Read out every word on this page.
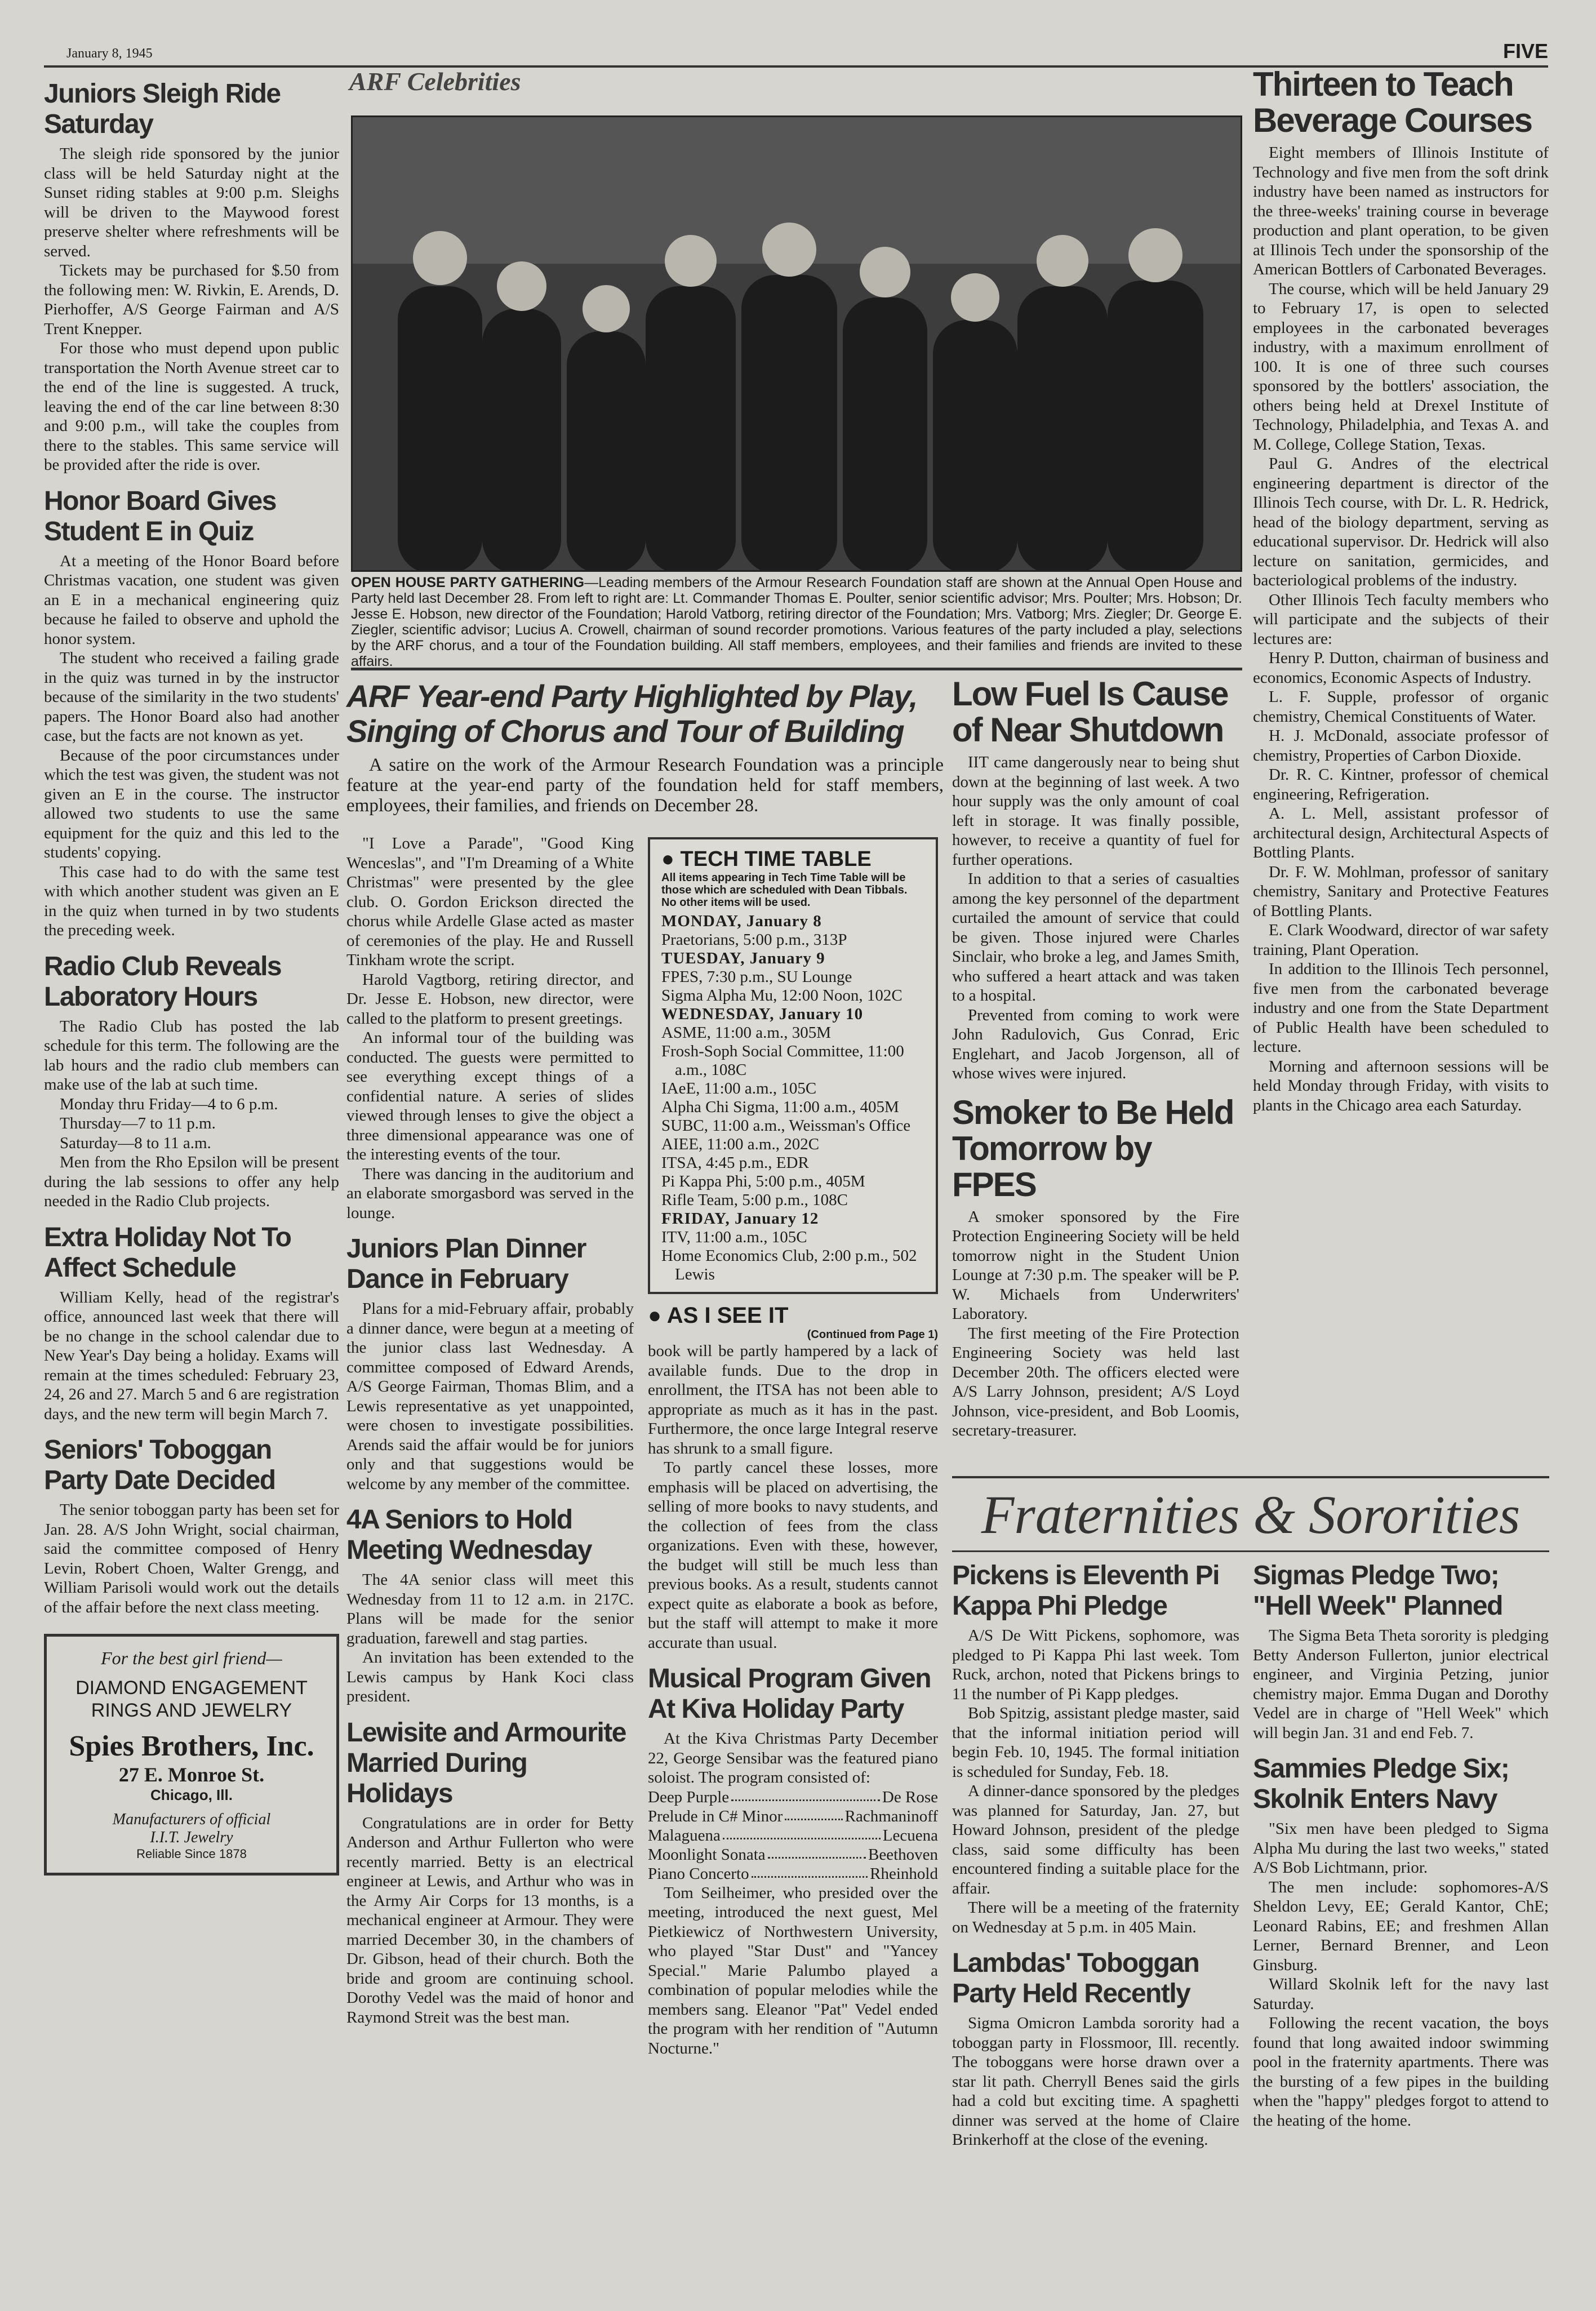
January 8, 1945	FIVE
Juniors Sleigh Ride Saturday

The sleigh ride sponsored by the junior class will be held Saturday night at the Sunset riding stables at 9:00 p.m. Sleighs will be driven to the Maywood forest preserve shelter where refreshments will be served.

Tickets may be purchased for $.50 from the following men: W. Rivkin, E. Arends, D. Pierhoffer, A/S George Fairman and A/S Trent Knepper.

For those who must depend upon public transportation the North Avenue street car to the end of the line is suggested. A truck, leaving the end of the car line between 8:30 and 9:00 p.m., will take the couples from there to the stables. This same service will be provided after the ride is over.

Honor Board Gives Student E in Quiz

At a meeting of the Honor Board before Christmas vacation, one student was given an E in a mechanical engineering quiz because he failed to observe and uphold the honor system.

The student who received a failing grade in the quiz was turned in by the instructor because of the similarity in the two students' papers. The Honor Board also had another case, but the facts are not known as yet.

Because of the poor circumstances under which the test was given, the student was not given an E in the course. The instructor allowed two students to use the same equipment for the quiz and this led to the students' copying.

This case had to do with the same test with which another student was given an E in the quiz when turned in by two students the preceding week.

Radio Club Reveals Laboratory Hours

The Radio Club has posted the lab schedule for this term. The following are the lab hours and the radio club members can make use of the lab at such time.

Monday thru Friday—4 to 6 p.m.

Thursday—7 to 11 p.m.

Saturday—8 to 11 a.m.

Men from the Rho Epsilon will be present during the lab sessions to offer any help needed in the Radio Club projects.

Extra Holiday Not To Affect Schedule

William Kelly, head of the registrar's office, announced last week that there will be no change in the school calendar due to New Year's Day being a holiday. Exams will remain at the times scheduled: February 23, 24, 26 and 27. March 5 and 6 are registration days, and the new term will begin March 7.

Seniors' Toboggan Party Date Decided

The senior toboggan party has been set for Jan. 28. A/S John Wright, social chairman, said the committee composed of Henry Levin, Robert Choen, Walter Grengg, and William Parisoli would work out the details of the affair before the next class meeting.

For the best girl friend—
DIAMOND ENGAGEMENT
RINGS AND JEWELRY
Spies Brothers, Inc.
27 E. Monroe St.
Chicago, Ill.
Manufacturers of official
I.I.T. Jewelry
Reliable Since 1878
ARF Celebrities
OPEN HOUSE PARTY GATHERING—Leading members of the Armour Research Foundation staff are shown at the Annual Open House and Party held last December 28. From left to right are: Lt. Commander Thomas E. Poulter, senior scientific advisor; Mrs. Poulter; Mrs. Hobson; Dr. Jesse E. Hobson, new director of the Foundation; Harold Vatborg, retiring director of the Foundation; Mrs. Vatborg; Mrs. Ziegler; Dr. George E. Ziegler, scientific advisor; Lucius A. Crowell, chairman of sound recorder promotions. Various features of the party included a play, selections by the ARF chorus, and a tour of the Foundation building. All staff members, employees, and their families and friends are invited to these affairs.
ARF Year-end Party Highlighted by Play, Singing of Chorus and Tour of Building
A satire on the work of the Armour Research Foundation was a principle feature at the year-end party of the foundation held for staff members, employees, their families, and friends on December 28.

"I Love a Parade", "Good King Wenceslas", and "I'm Dreaming of a White Christmas" were presented by the glee club. O. Gordon Erickson directed the chorus while Ardelle Glase acted as master of ceremonies of the play. He and Russell Tinkham wrote the script.

Harold Vagtborg, retiring director, and Dr. Jesse E. Hobson, new director, were called to the platform to present greetings.

An informal tour of the building was conducted. The guests were permitted to see everything except things of a confidential nature. A series of slides viewed through lenses to give the object a three dimensional appearance was one of the interesting events of the tour.

There was dancing in the auditorium and an elaborate smorgasbord was served in the lounge.

Juniors Plan Dinner Dance in February

Plans for a mid-February affair, probably a dinner dance, were begun at a meeting of the junior class last Wednesday. A committee composed of Edward Arends, A/S George Fairman, Thomas Blim, and a Lewis representative as yet unappointed, were chosen to investigate possibilities. Arends said the affair would be for juniors only and that suggestions would be welcome by any member of the committee.

4A Seniors to Hold Meeting Wednesday

The 4A senior class will meet this Wednesday from 11 to 12 a.m. in 217C. Plans will be made for the senior graduation, farewell and stag parties.

An invitation has been extended to the Lewis campus by Hank Koci class president.

Lewisite and Armourite Married During Holidays

Congratulations are in order for Betty Anderson and Arthur Fullerton who were recently married. Betty is an electrical engineer at Lewis, and Arthur who was in the Army Air Corps for 13 months, is a mechanical engineer at Armour. They were married December 30, in the chambers of Dr. Gibson, head of their church. Both the bride and groom are continuing school. Dorothy Vedel was the maid of honor and Raymond Streit was the best man.

● TECH TIME TABLE
All items appearing in Tech Time Table will be those which are scheduled with Dean Tibbals. No other items will be used.
MONDAY, January 8
Praetorians, 5:00 p.m., 313P
TUESDAY, January 9
FPES, 7:30 p.m., SU Lounge
Sigma Alpha Mu, 12:00 Noon, 102C
WEDNESDAY, January 10
ASME, 11:00 a.m., 305M
Frosh-Soph Social Committee, 11:00 a.m., 108C
IAeE, 11:00 a.m., 105C
Alpha Chi Sigma, 11:00 a.m., 405M
SUBC, 11:00 a.m., Weissman's Office
AIEE, 11:00 a.m., 202C
ITSA, 4:45 p.m., EDR
Pi Kappa Phi, 5:00 p.m., 405M
Rifle Team, 5:00 p.m., 108C
FRIDAY, January 12
ITV, 11:00 a.m., 105C
Home Economics Club, 2:00 p.m., 502 Lewis
● AS I SEE IT
(Continued from Page 1)

book will be partly hampered by a lack of available funds. Due to the drop in enrollment, the ITSA has not been able to appropriate as much as it has in the past. Furthermore, the once large Integral reserve has shrunk to a small figure.

To partly cancel these losses, more emphasis will be placed on advertising, the selling of more books to navy students, and the collection of fees from the class organizations. Even with these, however, the budget will still be much less than previous books. As a result, students cannot expect quite as elaborate a book as before, but the staff will attempt to make it more accurate than usual.

Musical Program Given At Kiva Holiday Party

At the Kiva Christmas Party December 22, George Sensibar was the featured piano soloist. The program consisted of:

Deep Purple	De Rose
Prelude in C# Minor	Rachmaninoff
Malaguena	Lecuena
Moonlight Sonata	Beethoven
Piano Concerto	Rheinhold

Tom Seilheimer, who presided over the meeting, introduced the next guest, Mel Pietkiewicz of Northwestern University, who played "Star Dust" and "Yancey Special." Marie Palumbo played a combination of popular melodies while the members sang. Eleanor "Pat" Vedel ended the program with her rendition of "Autumn Nocturne."

Low Fuel Is Cause of Near Shutdown

IIT came dangerously near to being shut down at the beginning of last week. A two hour supply was the only amount of coal left in storage. It was finally possible, however, to receive a quantity of fuel for further operations.

In addition to that a series of casualties among the key personnel of the department curtailed the amount of service that could be given. Those injured were Charles Sinclair, who broke a leg, and James Smith, who suffered a heart attack and was taken to a hospital.

Prevented from coming to work were John Radulovich, Gus Conrad, Eric Englehart, and Jacob Jorgenson, all of whose wives were injured.

Smoker to Be Held Tomorrow by FPES

A smoker sponsored by the Fire Protection Engineering Society will be held tomorrow night in the Student Union Lounge at 7:30 p.m. The speaker will be P. W. Michaels from Underwriters' Laboratory.

The first meeting of the Fire Protection Engineering Society was held last December 20th. The officers elected were A/S Larry Johnson, president; A/S Loyd Johnson, vice-president, and Bob Loomis, secretary-treasurer.

Thirteen to Teach Beverage Courses

Eight members of Illinois Institute of Technology and five men from the soft drink industry have been named as instructors for the three-weeks' training course in beverage production and plant operation, to be given at Illinois Tech under the sponsorship of the American Bottlers of Carbonated Beverages.

The course, which will be held January 29 to February 17, is open to selected employees in the carbonated beverages industry, with a maximum enrollment of 100. It is one of three such courses sponsored by the bottlers' association, the others being held at Drexel Institute of Technology, Philadelphia, and Texas A. and M. College, College Station, Texas.

Paul G. Andres of the electrical engineering department is director of the Illinois Tech course, with Dr. L. R. Hedrick, head of the biology department, serving as educational supervisor. Dr. Hedrick will also lecture on sanitation, germicides, and bacteriological problems of the industry.

Other Illinois Tech faculty members who will participate and the subjects of their lectures are:

Henry P. Dutton, chairman of business and economics, Economic Aspects of Industry.

L. F. Supple, professor of organic chemistry, Chemical Constituents of Water.

H. J. McDonald, associate professor of chemistry, Properties of Carbon Dioxide.

Dr. R. C. Kintner, professor of chemical engineering, Refrigeration.

A. L. Mell, assistant professor of architectural design, Architectural Aspects of Bottling Plants.

Dr. F. W. Mohlman, professor of sanitary chemistry, Sanitary and Protective Features of Bottling Plants.

E. Clark Woodward, director of war safety training, Plant Operation.

In addition to the Illinois Tech personnel, five men from the carbonated beverage industry and one from the State Department of Public Health have been scheduled to lecture.

Morning and afternoon sessions will be held Monday through Friday, with visits to plants in the Chicago area each Saturday.

Fraternities & Sororities
Pickens is Eleventh Pi Kappa Phi Pledge

A/S De Witt Pickens, sophomore, was pledged to Pi Kappa Phi last week. Tom Ruck, archon, noted that Pickens brings to 11 the number of Pi Kapp pledges.

Bob Spitzig, assistant pledge master, said that the informal initiation period will begin Feb. 10, 1945. The formal initiation is scheduled for Sunday, Feb. 18.

A dinner-dance sponsored by the pledges was planned for Saturday, Jan. 27, but Howard Johnson, president of the pledge class, said some difficulty has been encountered finding a suitable place for the affair.

There will be a meeting of the fraternity on Wednesday at 5 p.m. in 405 Main.

Lambdas' Toboggan Party Held Recently

Sigma Omicron Lambda sorority had a toboggan party in Flossmoor, Ill. recently. The toboggans were horse drawn over a star lit path. Cherryll Benes said the girls had a cold but exciting time. A spaghetti dinner was served at the home of Claire Brinkerhoff at the close of the evening.

Sigmas Pledge Two; "Hell Week" Planned

The Sigma Beta Theta sorority is pledging Betty Anderson Fullerton, junior electrical engineer, and Virginia Petzing, junior chemistry major. Emma Dugan and Dorothy Vedel are in charge of "Hell Week" which will begin Jan. 31 and end Feb. 7.

Sammies Pledge Six; Skolnik Enters Navy

"Six men have been pledged to Sigma Alpha Mu during the last two weeks," stated A/S Bob Lichtmann, prior.

The men include: sophomores-A/S Sheldon Levy, EE; Gerald Kantor, ChE; Leonard Rabins, EE; and freshmen Allan Lerner, Bernard Brenner, and Leon Ginsburg.

Willard Skolnik left for the navy last Saturday.

Following the recent vacation, the boys found that long awaited indoor swimming pool in the fraternity apartments. There was the bursting of a few pipes in the building when the "happy" pledges forgot to attend to the heating of the home.
